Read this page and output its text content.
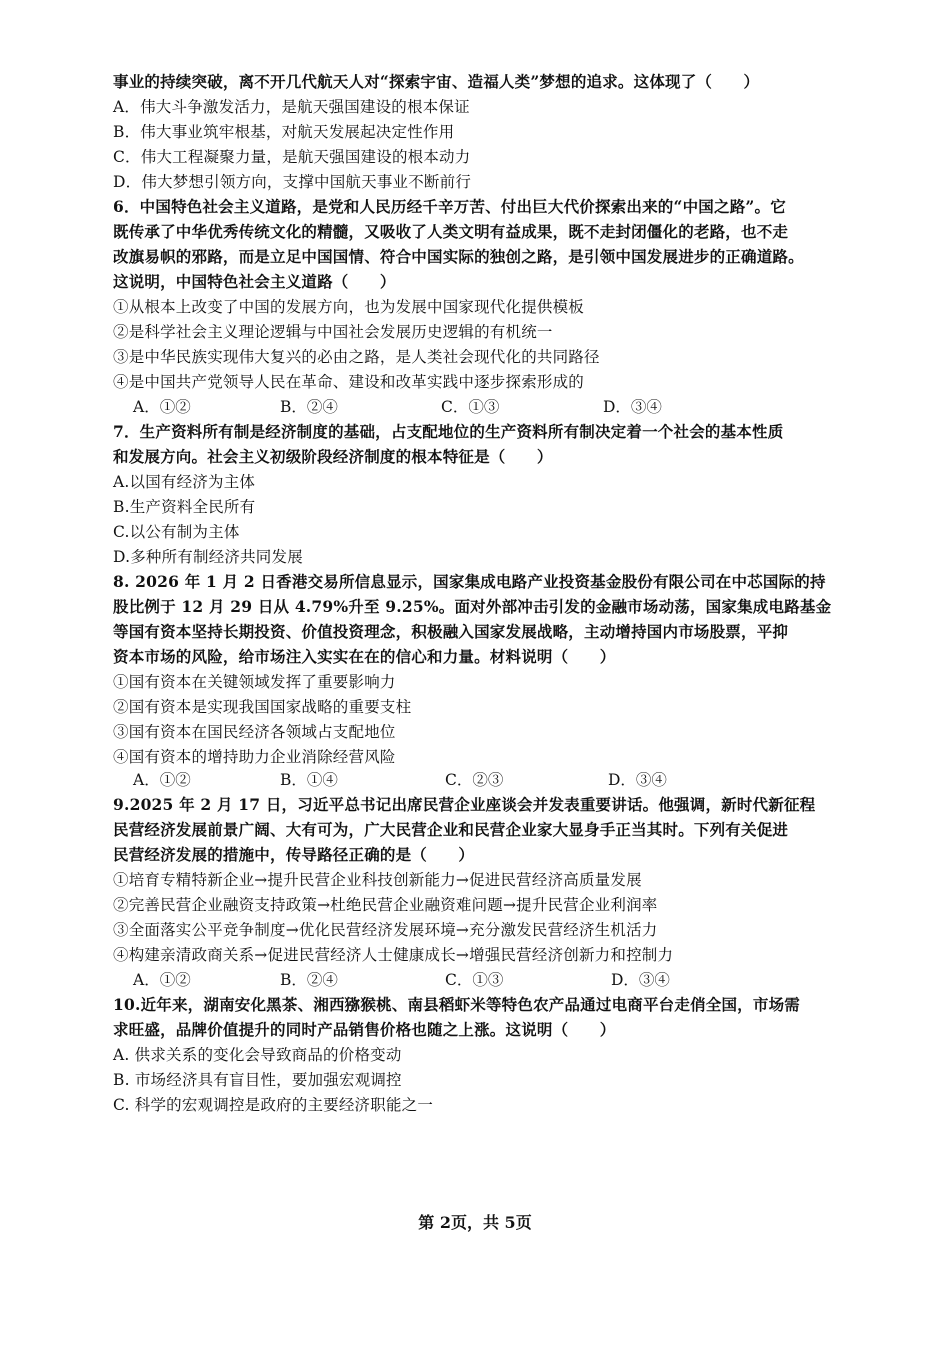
事业的持续突破，离不开几代航天人对“探索宇宙、造福人类”梦想的追求。这体现了（　　）
A．伟大斗争激发活力，是航天强国建设的根本保证
B．伟大事业筑牢根基，对航天发展起决定性作用
C．伟大工程凝聚力量，是航天强国建设的根本动力
D．伟大梦想引领方向，支撑中国航天事业不断前行
6．中国特色社会主义道路，是党和人民历经千辛万苦、付出巨大代价探索出来的“中国之路”。它
既传承了中华优秀传统文化的精髓，又吸收了人类文明有益成果，既不走封闭僵化的老路，也不走
改旗易帜的邪路，而是立足中国国情、符合中国实际的独创之路，是引领中国发展进步的正确道路。
这说明，中国特色社会主义道路（　　）
①从根本上改变了中国的发展方向，也为发展中国家现代化提供模板
②是科学社会主义理论逻辑与中国社会发展历史逻辑的有机统一
③是中华民族实现伟大复兴的必由之路，是人类社会现代化的共同路径
④是中国共产党领导人民在革命、建设和改革实践中逐步探索形成的
A．①②	B．②④	C．①③	D．③④
7．生产资料所有制是经济制度的基础，占支配地位的生产资料所有制决定着一个社会的基本性质
和发展方向。社会主义初级阶段经济制度的根本特征是（　　）
A.以国有经济为主体
B.生产资料全民所有
C.以公有制为主体
D.多种所有制经济共同发展
8. 2026 年 1 月 2 日香港交易所信息显示，国家集成电路产业投资基金股份有限公司在中芯国际的持
股比例于 12 月 29 日从 4.79%升至 9.25%。面对外部冲击引发的金融市场动荡，国家集成电路基金
等国有资本坚持长期投资、价值投资理念，积极融入国家发展战略，主动增持国内市场股票，平抑
资本市场的风险，给市场注入实实在在的信心和力量。材料说明（　　）
①国有资本在关键领域发挥了重要影响力
②国有资本是实现我国国家战略的重要支柱
③国有资本在国民经济各领域占支配地位
④国有资本的增持助力企业消除经营风险
A．①②	B．①④	C．②③	D．③④
9.2025 年 2 月 17 日，习近平总书记出席民营企业座谈会并发表重要讲话。他强调，新时代新征程
民营经济发展前景广阔、大有可为，广大民营企业和民营企业家大显身手正当其时。下列有关促进
民营经济发展的措施中，传导路径正确的是（　　）
①培育专精特新企业→提升民营企业科技创新能力→促进民营经济高质量发展
②完善民营企业融资支持政策→杜绝民营企业融资难问题→提升民营企业利润率
③全面落实公平竞争制度→优化民营经济发展环境→充分激发民营经济生机活力
④构建亲清政商关系→促进民营经济人士健康成长→增强民营经济创新力和控制力
A．①②	B．②④	C．①③	D．③④
10.近年来，湖南安化黑茶、湘西猕猴桃、南县稻虾米等特色农产品通过电商平台走俏全国，市场需
求旺盛，品牌价值提升的同时产品销售价格也随之上涨。这说明（　　）
A. 供求关系的变化会导致商品的价格变动
B. 市场经济具有盲目性，要加强宏观调控
C. 科学的宏观调控是政府的主要经济职能之一
第 2页，共 5页
